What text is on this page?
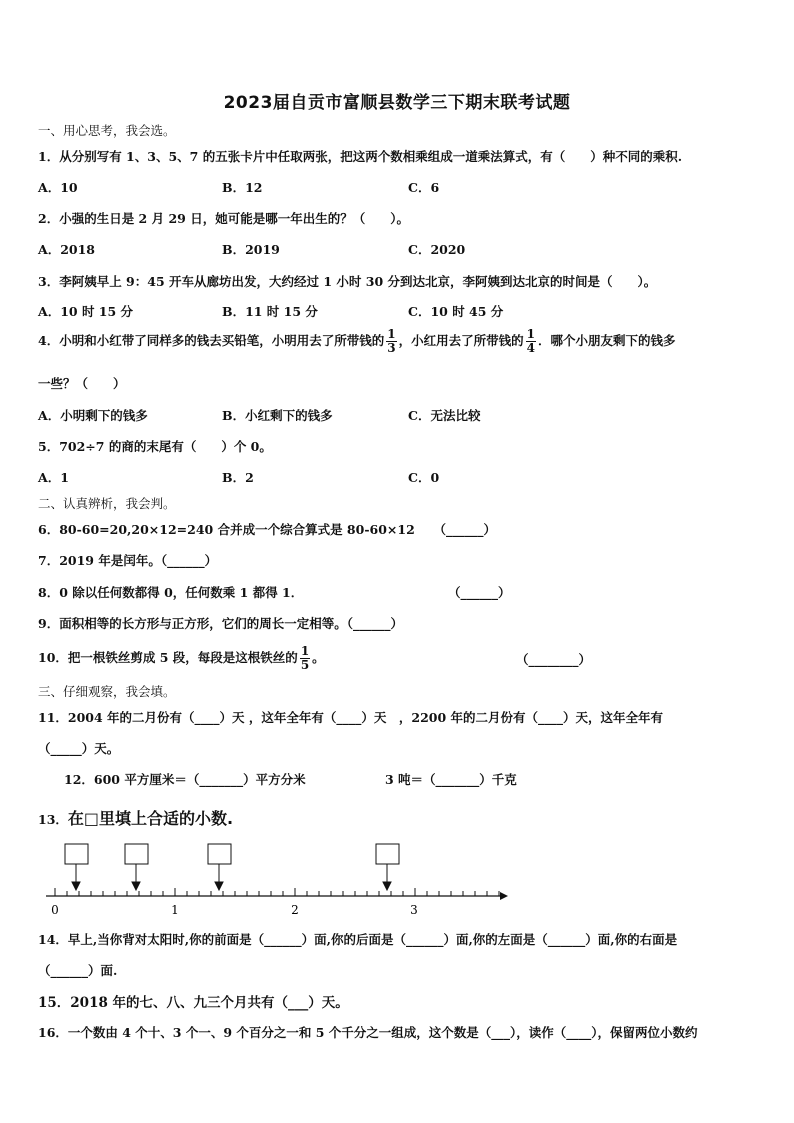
2023届自贡市富顺县数学三下期末联考试题
一、用心思考，我会选。
1．从分别写有 1、3、5、7 的五张卡片中任取两张，把这两个数相乘组成一道乘法算式，有（　　）种不同的乘积.
A．10	B．12	C．6
2．小强的生日是 2 月 29 日，她可能是哪一年出生的？（　　）。
A．2018	B．2019	C．2020
3．李阿姨早上 9：45 开车从廊坊出发，大约经过 1 小时 30 分到达北京，李阿姨到达北京的时间是（　　）。
A．10 时 15 分	B．11 时 15 分	C．10 时 45 分
4．小明和小红带了同样多的钱去买铅笔，小明用去了所带钱的 $\frac{1}{3}$ ，小红用去了所带钱的 $\frac{1}{4}$ ．哪个小朋友剩下的钱多
一些？（　　）
A．小明剩下的钱多	B．小红剩下的钱多	C．无法比较
5．702÷7 的商的末尾有（　　）个 0。
A．1	B．2	C．0
二、认真辨析，我会判。
6．80-60=20,20×12=240 合并成一个综合算式是 80-60×12　　（______）
7．2019 年是闰年。（______）
8．0 除以任何数都得 0，任何数乘 1 都得 1．	（______）
9．面积相等的长方形与正方形，它们的周长一定相等。（______）
10．把一根铁丝剪成 5 段，每段是这根铁丝的 $\frac{1}{5}$ 。	（________）
三、仔细观察，我会填。
11．2004 年的二月份有（____）天 ，这年全年有（____）天　，2200 年的二月份有（____）天，这年全年有
（_____）天。
12．600 平方厘米＝（_______）平方分米	3 吨＝（_______）千克
13．在□里填上合适的小数.
0	1	2	3
14．早上,当你背对太阳时,你的前面是（______）面,你的后面是（______）面,你的左面是（______）面,你的右面是
（______）面.
15．2018 年的七、八、九三个月共有（___）天。
16．一个数由 4 个十、3 个一、9 个百分之一和 5 个千分之一组成，这个数是（___），读作（____），保留两位小数约
